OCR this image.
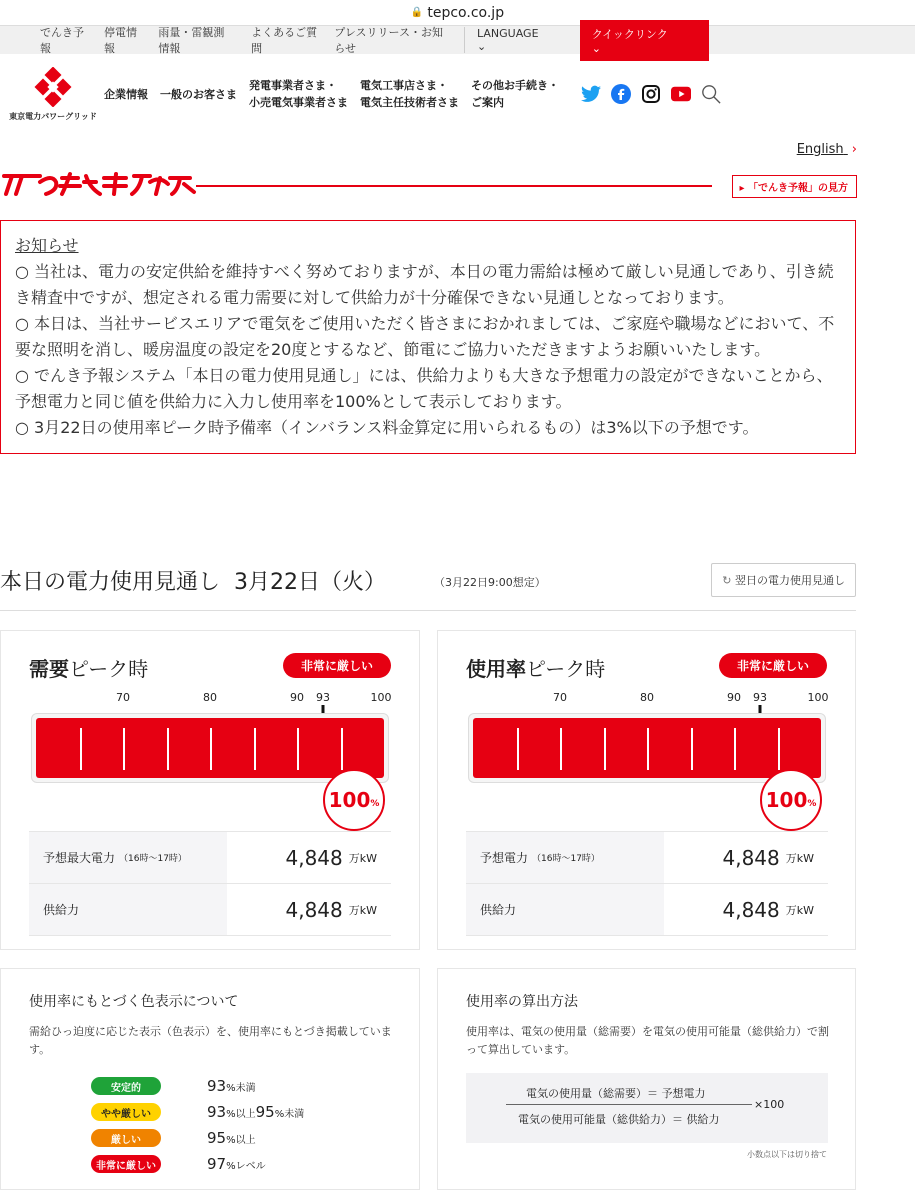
🔒 tepco.co.jp
でんき予報
停電情報
雨量・雷観測情報
よくあるご質問
プレスリリース・お知らせ
LANGUAGE ⌄
クイックリンク ⌄
東京電力パワーグリッド
企業情報 一般のお客さま
発電事業者さま・
小売電気事業者さま
電気工事店さま・
電気主任技術者さま
その他お手続き・
ご案内
English ›
▸ 「でんき予報」の見方
お知らせ
○ 当社は、電力の安定供給を維持すべく努めておりますが、本日の電力需給は極めて厳しい見通しであり、引き続き精査中ですが、想定される電力需要に対して供給力が十分確保できない見通しとなっております。
○ 本日は、当社サービスエリアで電気をご使用いただく皆さまにおかれましては、ご家庭や職場などにおいて、不要な照明を消し、暖房温度の設定を20度とするなど、節電にご協力いただきますようお願いいたします。
○ でんき予報システム「本日の電力使用見通し」には、供給力よりも大きな予想電力の設定ができないことから、予想電力と同じ値を供給力に入力し使用率を100%として表示しております。
○ 3月22日の使用率ピーク時予備率（インバランス料金算定に用いられるもの）は3%以下の予想です。
本日の電力使用見通し  3月22日（火）	（3月22日9:00想定）	↻ 翌日の電力使用見通し
需要ピーク時	非常に厳しい
70	80	90 93	100
100 %
予想最大電力 （16時〜17時）	4,848 万kW
供給力	4,848 万kW
使用率ピーク時	非常に厳しい
70	80	90 93	100
100 %
予想電力 （16時〜17時）	4,848 万kW
供給力	4,848 万kW
使用率にもとづく色表示について
需給ひっ迫度に応じた表示（色表示）を、使用率にもとづき掲載しています。
安定的	93%未満
やや厳しい	93%以上95%未満
厳しい	95%以上
非常に厳しい	97%レベル
使用率の算出方法
使用率は、電気の使用量（総需要）を電気の使用可能量（総供給力）で割って算出しています。
電気の使用量（総需要）＝ 予想電力
×100
電気の使用可能量（総供給力）＝ 供給力
小数点以下は切り捨て
